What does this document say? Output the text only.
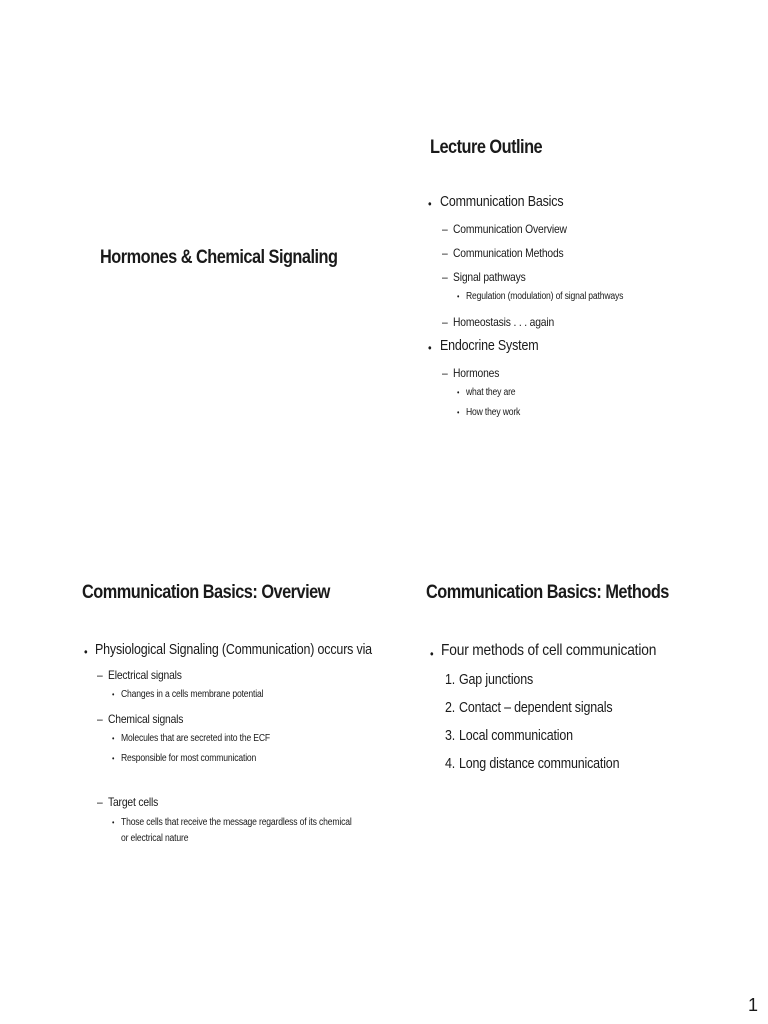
Hormones & Chemical Signaling
Lecture Outline
• Communication Basics
– Communication Overview
– Communication Methods
– Signal pathways
• Regulation (modulation) of signal pathways
– Homeostasis . . . again
• Endocrine System
– Hormones
• what they are
• How they work
Communication Basics: Overview
• Physiological Signaling (Communication) occurs via
– Electrical signals
• Changes in a cells membrane potential
– Chemical signals
• Molecules that are secreted into the ECF
• Responsible for most communication
– Target cells
• Those cells that receive the message regardless of its chemical
or electrical nature
Communication Basics: Methods
• Four methods of cell communication
1. Gap junctions
2. Contact – dependent signals
3. Local communication
4. Long distance communication
1
